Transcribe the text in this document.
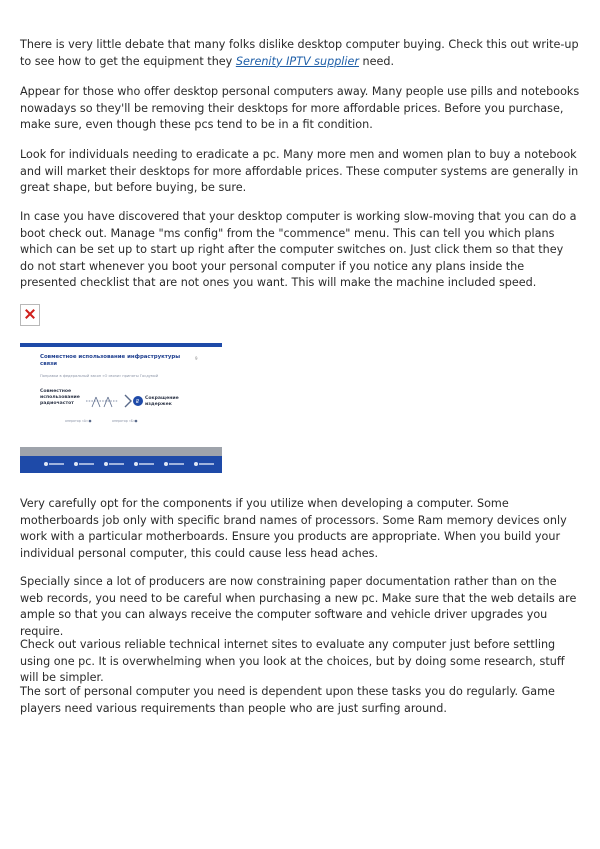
There is very little debate that many folks dislike desktop computer buying. Check this out write-up to see how to get the equipment they Serenity IPTV supplier need.

Appear for those who offer desktop personal computers away. Many people use pills and notebooks nowadays so they'll be removing their desktops for more affordable prices. Before you purchase, make sure, even though these pcs tend to be in a fit condition.

Look for individuals needing to eradicate a pc. Many more men and women plan to buy a notebook and will market their desktops for more affordable prices. These computer systems are generally in great shape, but before buying, be sure.

In case you have discovered that your desktop computer is working slow-moving that you can do a boot check out. Manage "ms config" from the "commence" menu. This can tell you which plans which can be set up to start up right after the computer switches on. Just click them so that they do not start whenever you boot your personal computer if you notice any plans inside the presented checklist that are not ones you want. This will make the machine included speed.

Совместное использование инфраструктуры связи
9
Поправки в федеральный закон «О связи» приняты Госдумой
Совместное использование радиочастот	₽
Сокращение издержек
оператор «А»	оператор «Б»

Very carefully opt for the components if you utilize when developing a computer. Some motherboards job only with specific brand names of processors. Some Ram memory devices only work with a particular motherboards. Ensure you products are appropriate. When you build your individual personal computer, this could cause less head aches.

Specially since a lot of producers are now constraining paper documentation rather than on the web records, you need to be careful when purchasing a new pc. Make sure that the web details are ample so that you can always receive the computer software and vehicle driver upgrades you require.

Check out various reliable technical internet sites to evaluate any computer just before settling using one pc. It is overwhelming when you look at the choices, but by doing some research, stuff will be simpler.

The sort of personal computer you need is dependent upon these tasks you do regularly. Game players need various requirements than people who are just surfing around.
